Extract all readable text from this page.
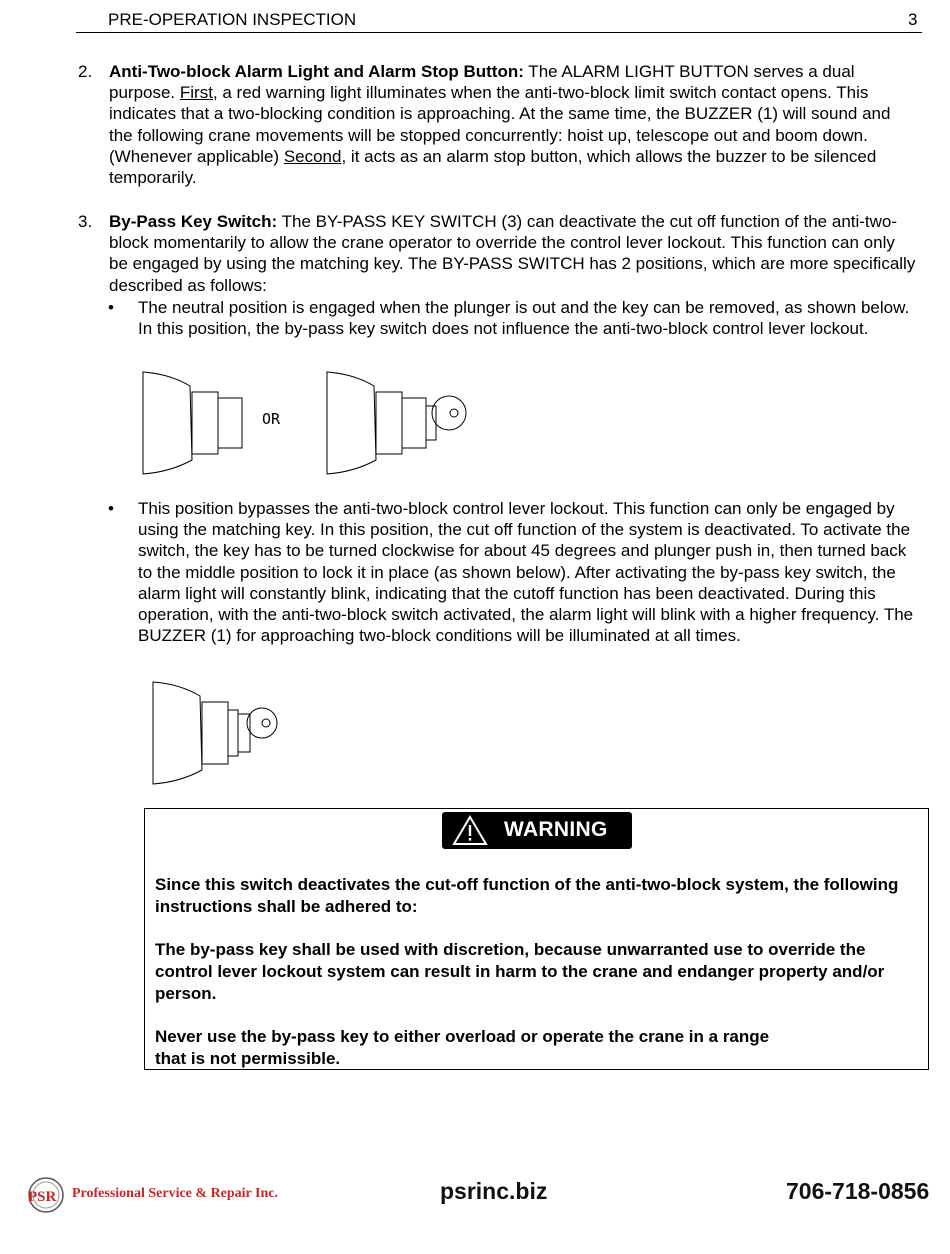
PRE-OPERATION INSPECTION	3
2. Anti-Two-block Alarm Light and Alarm Stop Button: The ALARM LIGHT BUTTON serves a dual purpose. First, a red warning light illuminates when the anti-two-block limit switch contact opens. This indicates that a two-blocking condition is approaching. At the same time, the BUZZER (1) will sound and the following crane movements will be stopped concurrently: hoist up, telescope out and boom down. (Whenever applicable) Second, it acts as an alarm stop button, which allows the buzzer to be silenced temporarily.
3. By-Pass Key Switch: The BY-PASS KEY SWITCH (3) can deactivate the cut off function of the anti-two-block momentarily to allow the crane operator to override the control lever lockout. This function can only be engaged by using the matching key. The BY-PASS SWITCH has 2 positions, which are more specifically described as follows:
• The neutral position is engaged when the plunger is out and the key can be removed, as shown below. In this position, the by-pass key switch does not influence the anti-two-block control lever lockout.
OR
• This position bypasses the anti-two-block control lever lockout. This function can only be engaged by using the matching key. In this position, the cut off function of the system is deactivated. To activate the switch, the key has to be turned clockwise for about 45 degrees and plunger push in, then turned back to the middle position to lock it in place (as shown below). After activating the by-pass key switch, the alarm light will constantly blink, indicating that the cutoff function has been deactivated. During this operation, with the anti-two-block switch activated, the alarm light will blink with a higher frequency. The BUZZER (1) for approaching two-block conditions will be illuminated at all times.
WARNING
Since this switch deactivates the cut-off function of the anti-two-block system, the following instructions shall be adhered to:
The by-pass key shall be used with discretion, because unwarranted use to override the control lever lockout system can result in harm to the crane and endanger property and/or person.
Never use the by-pass key to either overload or operate the crane in a range that is not permissible.
PSR Professional Service & Repair Inc.	psrinc.biz	706-718-0856
